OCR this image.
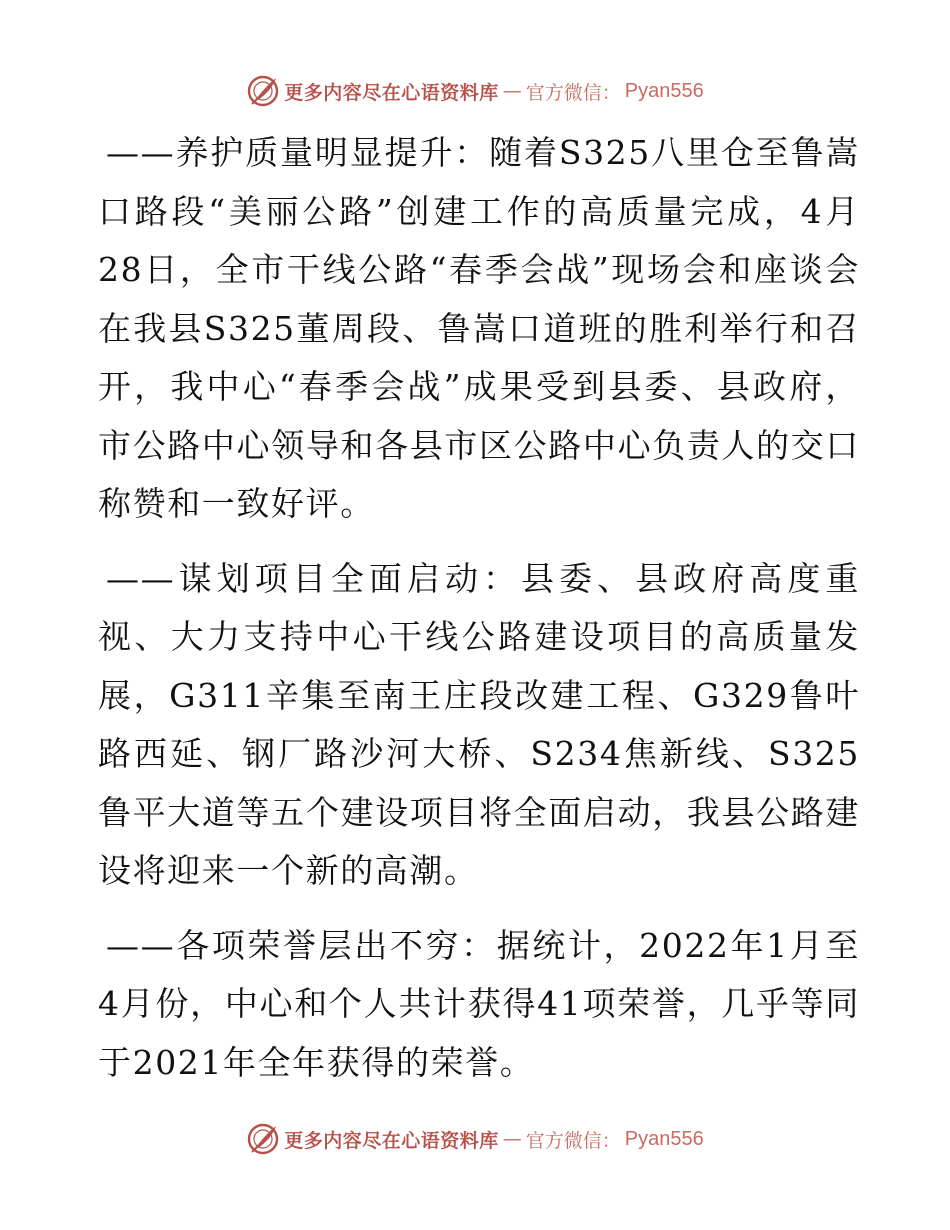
更多内容尽在心语资料库 — 官方微信： Pyan556

——养护质量明显提升：随着S325八里仓至鲁嵩口路段“美丽公路”创建工作的高质量完成，4月28日，全市干线公路“春季会战”现场会和座谈会在我县S325董周段、鲁嵩口道班的胜利举行和召开，我中心“春季会战”成果受到县委、县政府，市公路中心领导和各县市区公路中心负责人的交口称赞和一致好评。

——谋划项目全面启动：县委、县政府高度重视、大力支持中心干线公路建设项目的高质量发展，G311辛集至南王庄段改建工程、G329鲁叶路西延、钢厂路沙河大桥、S234焦新线、S325鲁平大道等五个建设项目将全面启动，我县公路建设将迎来一个新的高潮。

——各项荣誉层出不穷：据统计，2022年1月至4月份，中心和个人共计获得41项荣誉，几乎等同于2021年全年获得的荣誉。

更多内容尽在心语资料库 — 官方微信： Pyan556
